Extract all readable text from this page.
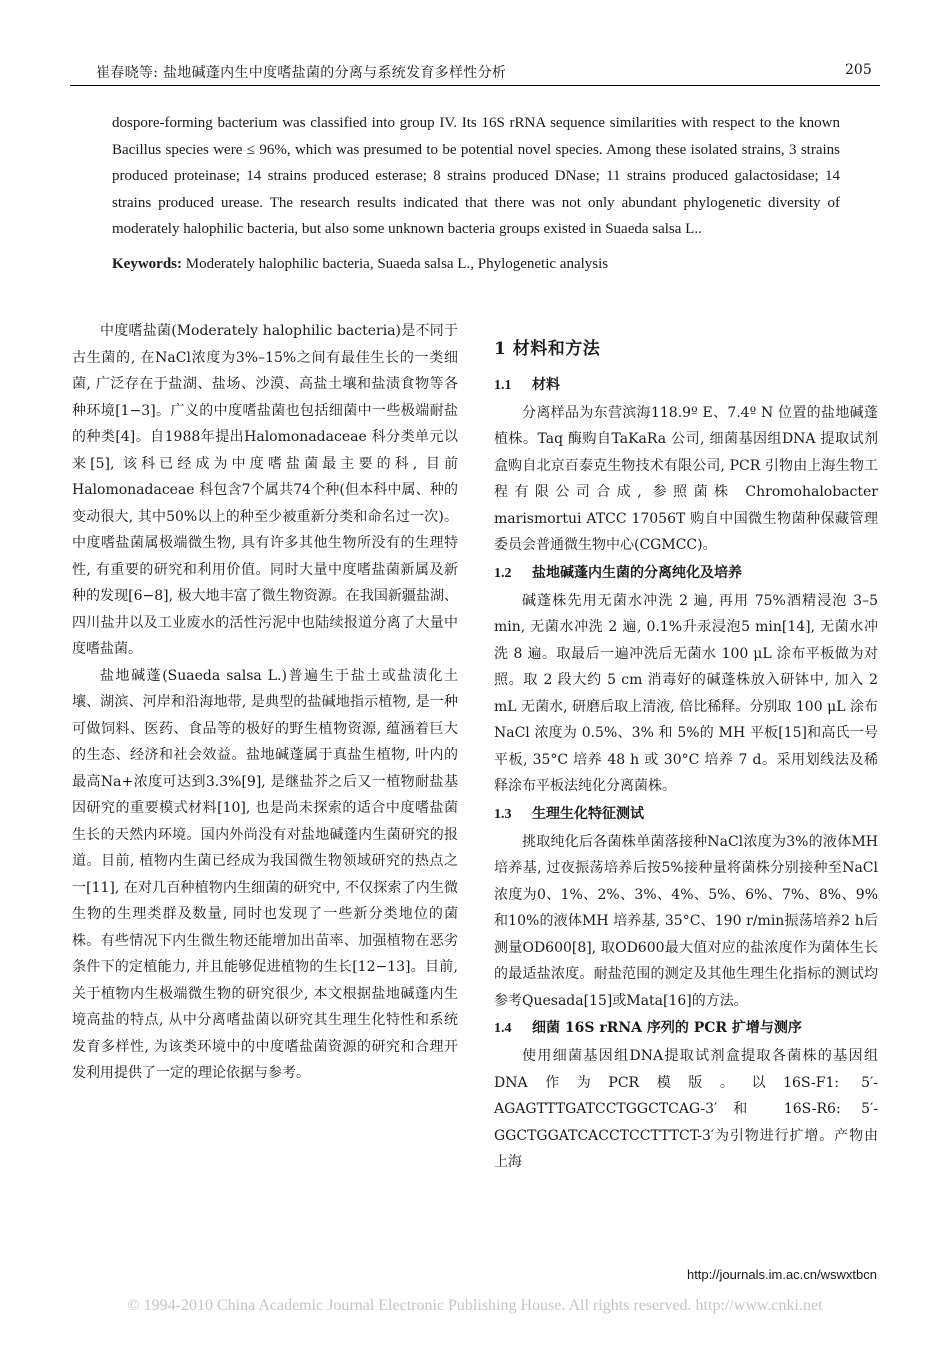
崔春晓等: 盐地碱蓬内生中度嗜盐菌的分离与系统发育多样性分析	205

dospore-forming bacterium was classified into group IV. Its 16S rRNA sequence similarities with respect to the known Bacillus species were ≤ 96%, which was presumed to be potential novel species. Among these isolated strains, 3 strains produced proteinase; 14 strains produced esterase; 8 strains produced DNase; 11 strains produced galactosidase; 14 strains produced urease. The research results indicated that there was not only abundant phylogenetic diversity of moderately halophilic bacteria, but also some unknown bacteria groups existed in Suaeda salsa L..

Keywords: Moderately halophilic bacteria, Suaeda salsa L., Phylogenetic analysis

中度嗜盐菌(Moderately halophilic bacteria)是不同于古生菌的, 在NaCl浓度为3%–15%之间有最佳生长的一类细菌, 广泛存在于盐湖、盐场、沙漠、高盐土壤和盐渍食物等各种环境[1−3]。广义的中度嗜盐菌也包括细菌中一些极端耐盐的种类[4]。自1988年提出Halomonadaceae 科分类单元以来[5], 该科已经成为中度嗜盐菌最主要的科, 目前Halomonadaceae 科包含7个属共74个种(但本科中属、种的变动很大, 其中50%以上的种至少被重新分类和命名过一次)。中度嗜盐菌属极端微生物, 具有许多其他生物所没有的生理特性, 有重要的研究和利用价值。同时大量中度嗜盐菌新属及新种的发现[6−8], 极大地丰富了微生物资源。在我国新疆盐湖、四川盐井以及工业废水的活性污泥中也陆续报道分离了大量中度嗜盐菌。

盐地碱蓬(Suaeda salsa L.)普遍生于盐土或盐渍化土壤、湖滨、河岸和沿海地带, 是典型的盐碱地指示植物, 是一种可做饲料、医药、食品等的极好的野生植物资源, 蕴涵着巨大的生态、经济和社会效益。盐地碱蓬属于真盐生植物, 叶内的最高Na+浓度可达到3.3%[9], 是继盐芥之后又一植物耐盐基因研究的重要模式材料[10], 也是尚未探索的适合中度嗜盐菌生长的天然内环境。国内外尚没有对盐地碱蓬内生菌研究的报道。目前, 植物内生菌已经成为我国微生物领域研究的热点之一[11], 在对几百种植物内生细菌的研究中, 不仅探索了内生微生物的生理类群及数量, 同时也发现了一些新分类地位的菌株。有些情况下内生微生物还能增加出苗率、加强植物在恶劣条件下的定植能力, 并且能够促进植物的生长[12−13]。目前, 关于植物内生极端微生物的研究很少, 本文根据盐地碱蓬内生境高盐的特点, 从中分离嗜盐菌以研究其生理生化特性和系统发育多样性, 为该类环境中的中度嗜盐菌资源的研究和合理开发利用提供了一定的理论依据与参考。

1 材料和方法
1.1 材料

分离样品为东营滨海118.9º E、7.4º N 位置的盐地碱蓬植株。Taq 酶购自TaKaRa 公司, 细菌基因组DNA 提取试剂盒购自北京百泰克生物技术有限公司, PCR 引物由上海生物工程有限公司合成, 参照菌株 Chromohalobacter marismortui ATCC 17056T 购自中国微生物菌种保藏管理委员会普通微生物中心(CGMCC)。

1.2 盐地碱蓬内生菌的分离纯化及培养

碱蓬株先用无菌水冲洗 2 遍, 再用 75%酒精浸泡 3–5 min, 无菌水冲洗 2 遍, 0.1%升汞浸泡5 min[14], 无菌水冲洗 8 遍。取最后一遍冲洗后无菌水 100 μL 涂布平板做为对照。取 2 段大约 5 cm 消毒好的碱蓬株放入研钵中, 加入 2 mL 无菌水, 研磨后取上清液, 倍比稀释。分别取 100 μL 涂布 NaCl 浓度为 0.5%、3% 和 5%的 MH 平板[15]和高氏一号平板, 35°C 培养 48 h 或 30°C 培养 7 d。采用划线法及稀释涂布平板法纯化分离菌株。

1.3 生理生化特征测试

挑取纯化后各菌株单菌落接种NaCl浓度为3%的液体MH 培养基, 过夜振荡培养后按5%接种量将菌株分别接种至NaCl 浓度为0、1%、2%、3%、4%、5%、6%、7%、8%、9% 和10%的液体MH 培养基, 35°C、190 r/min振荡培养2 h后测量OD600[8], 取OD600最大值对应的盐浓度作为菌体生长的最适盐浓度。耐盐范围的测定及其他生理生化指标的测试均参考Quesada[15]或Mata[16]的方法。

1.4 细菌 16S rRNA 序列的 PCR 扩增与测序

使用细菌基因组DNA提取试剂盒提取各菌株的基因组DNA作为PCR模版。以16S-F1: 5′-AGAGTTTGATCCTGGCTCAG-3′和 16S-R6: 5′-GGCTGGATCACCTCCTTTCT-3′为引物进行扩增。产物由上海

http://journals.im.ac.cn/wswxtbcn
© 1994-2010 China Academic Journal Electronic Publishing House. All rights reserved. http://www.cnki.net
